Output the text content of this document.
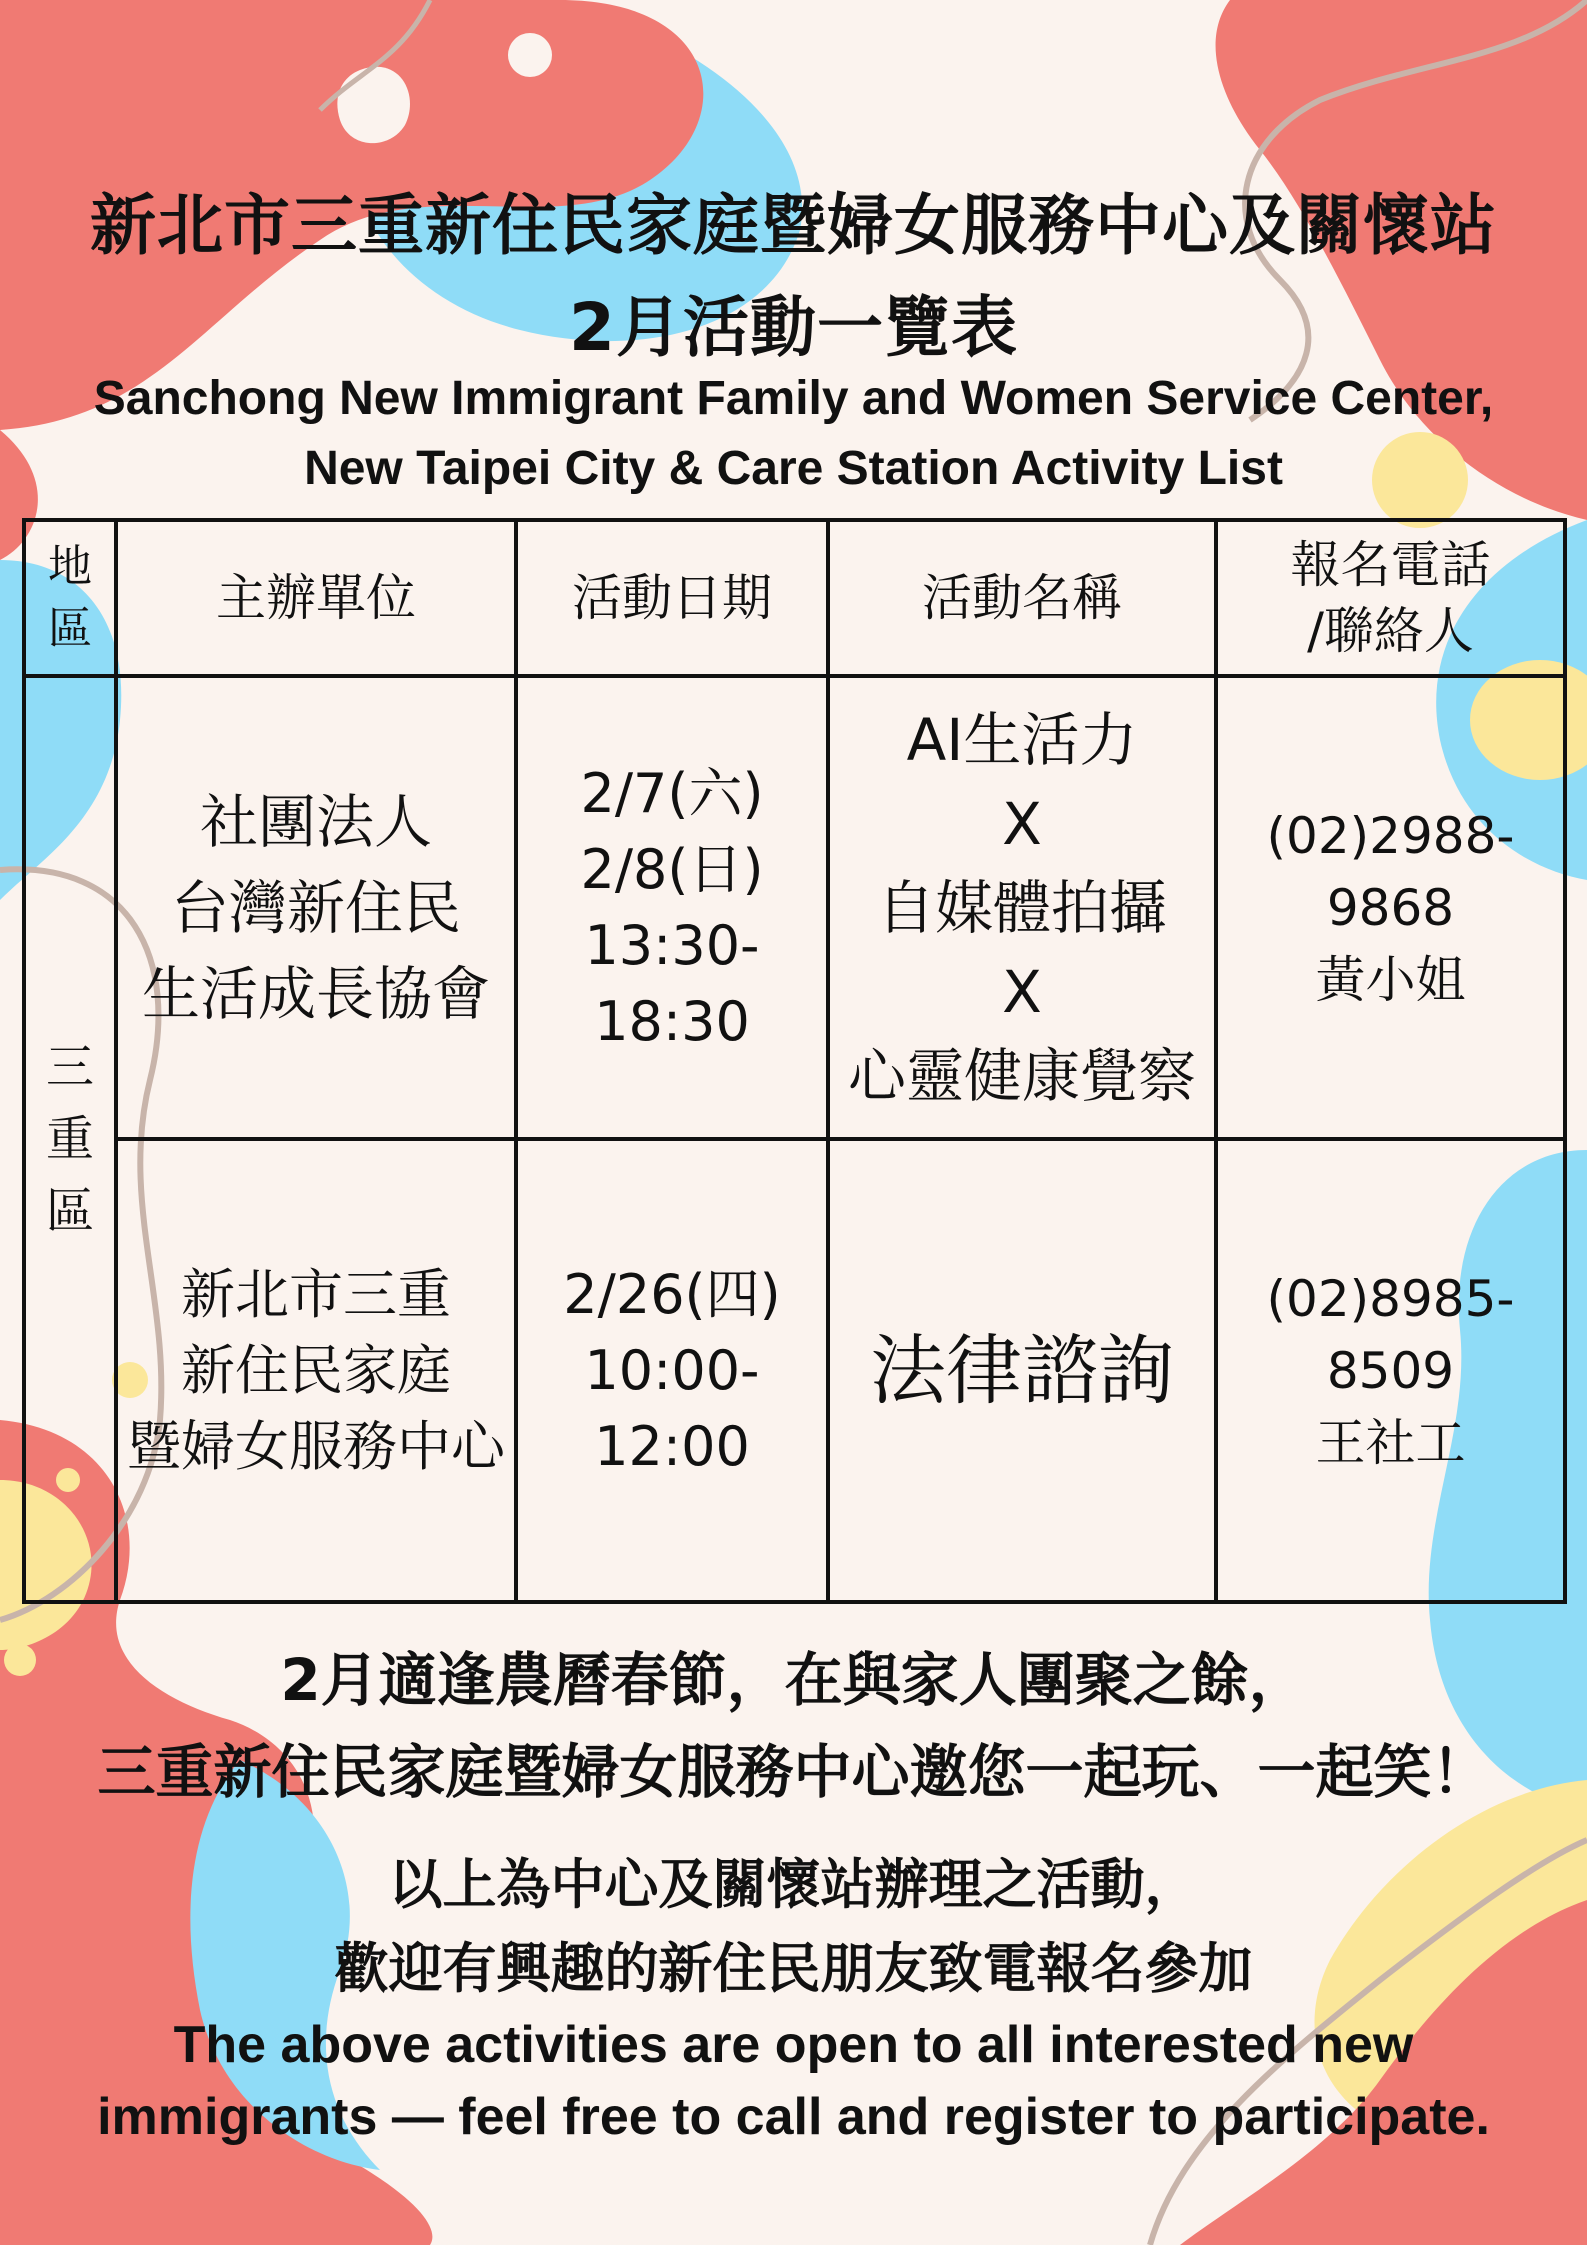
新北市三重新住民家庭暨婦女服務中心及關懷站
2月活動一覽表
Sanchong New Immigrant Family and Women Service Center,
New Taipei City & Care Station Activity List
地
區	主辦單位	活動日期	活動名稱	報名電話
/聯絡人

三
重
區	社團法人
台灣新住民
生活成長協會	2/7(六)
2/8(日)
13:30-18:30	AI生活力
X
自媒體拍攝
X
心靈健康覺察	(02)2988-9868
黃小姐

	新北市三重
新住民家庭
暨婦女服務中心	2/26(四)
10:00-12:00	法律諮詢	(02)8985-8509
王社工
2月適逢農曆春節，在與家人團聚之餘，
三重新住民家庭暨婦女服務中心邀您一起玩、一起笑！
以上為中心及關懷站辦理之活動，
歡迎有興趣的新住民朋友致電報名參加
The above activities are open to all interested new
immigrants — feel free to call and register to participate.
